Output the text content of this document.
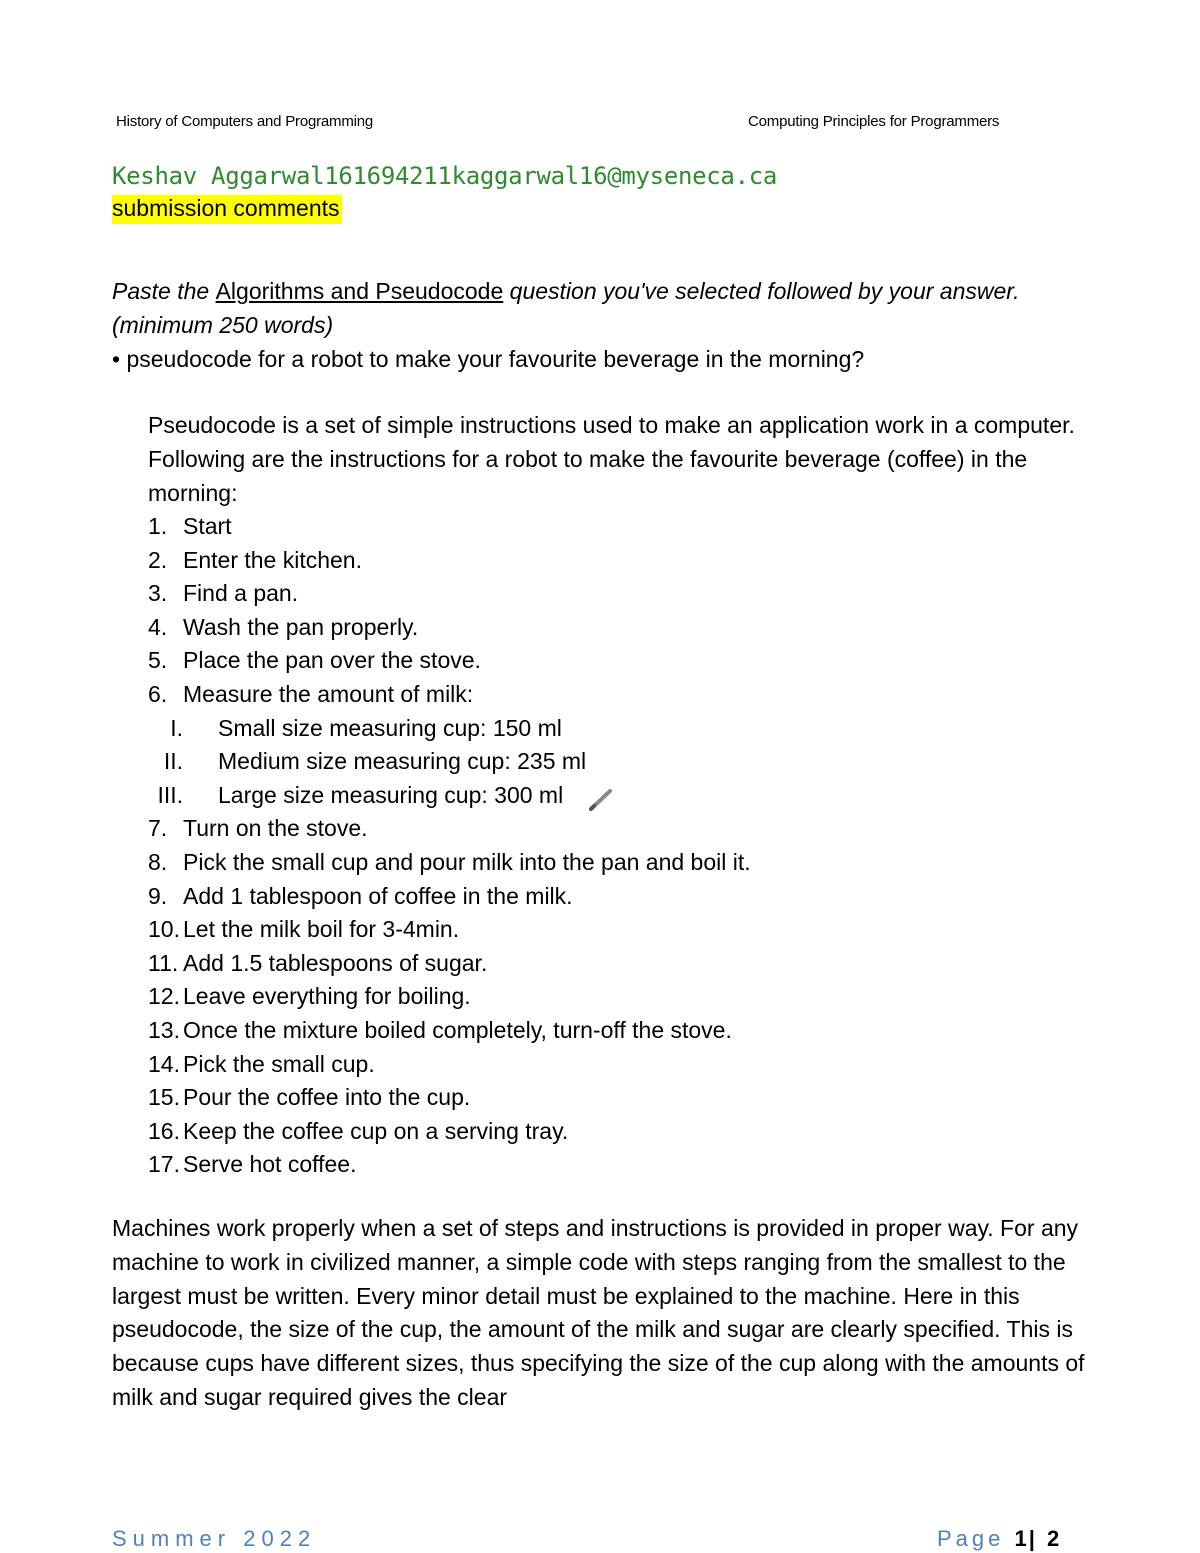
History of Computers and Programming	Computing Principles for Programmers
Keshav Aggarwal161694211kaggarwal16@myseneca.ca
submission comments
Paste the Algorithms and Pseudocode question you've selected followed by your answer. (minimum 250 words)
• pseudocode for a robot to make your favourite beverage in the morning?
Pseudocode is a set of simple instructions used to make an application work in a computer. Following are the instructions for a robot to make the favourite beverage (coffee) in the morning:
1. Start
2. Enter the kitchen.
3. Find a pan.
4. Wash the pan properly.
5. Place the pan over the stove.
6. Measure the amount of milk:
I. Small size measuring cup: 150 ml
II. Medium size measuring cup: 235 ml
III. Large size measuring cup: 300 ml
7. Turn on the stove.
8. Pick the small cup and pour milk into the pan and boil it.
9. Add 1 tablespoon of coffee in the milk.
10. Let the milk boil for 3-4min.
11. Add 1.5 tablespoons of sugar.
12. Leave everything for boiling.
13. Once the mixture boiled completely, turn-off the stove.
14. Pick the small cup.
15. Pour the coffee into the cup.
16. Keep the coffee cup on a serving tray.
17. Serve hot coffee.
Machines work properly when a set of steps and instructions is provided in proper way. For any machine to work in civilized manner, a simple code with steps ranging from the smallest to the largest must be written. Every minor detail must be explained to the machine. Here in this pseudocode, the size of the cup, the amount of the milk and sugar are clearly specified. This is because cups have different sizes, thus specifying the size of the cup along with the amounts of milk and sugar required gives the clear
Summer 2022	Page 1| 2
